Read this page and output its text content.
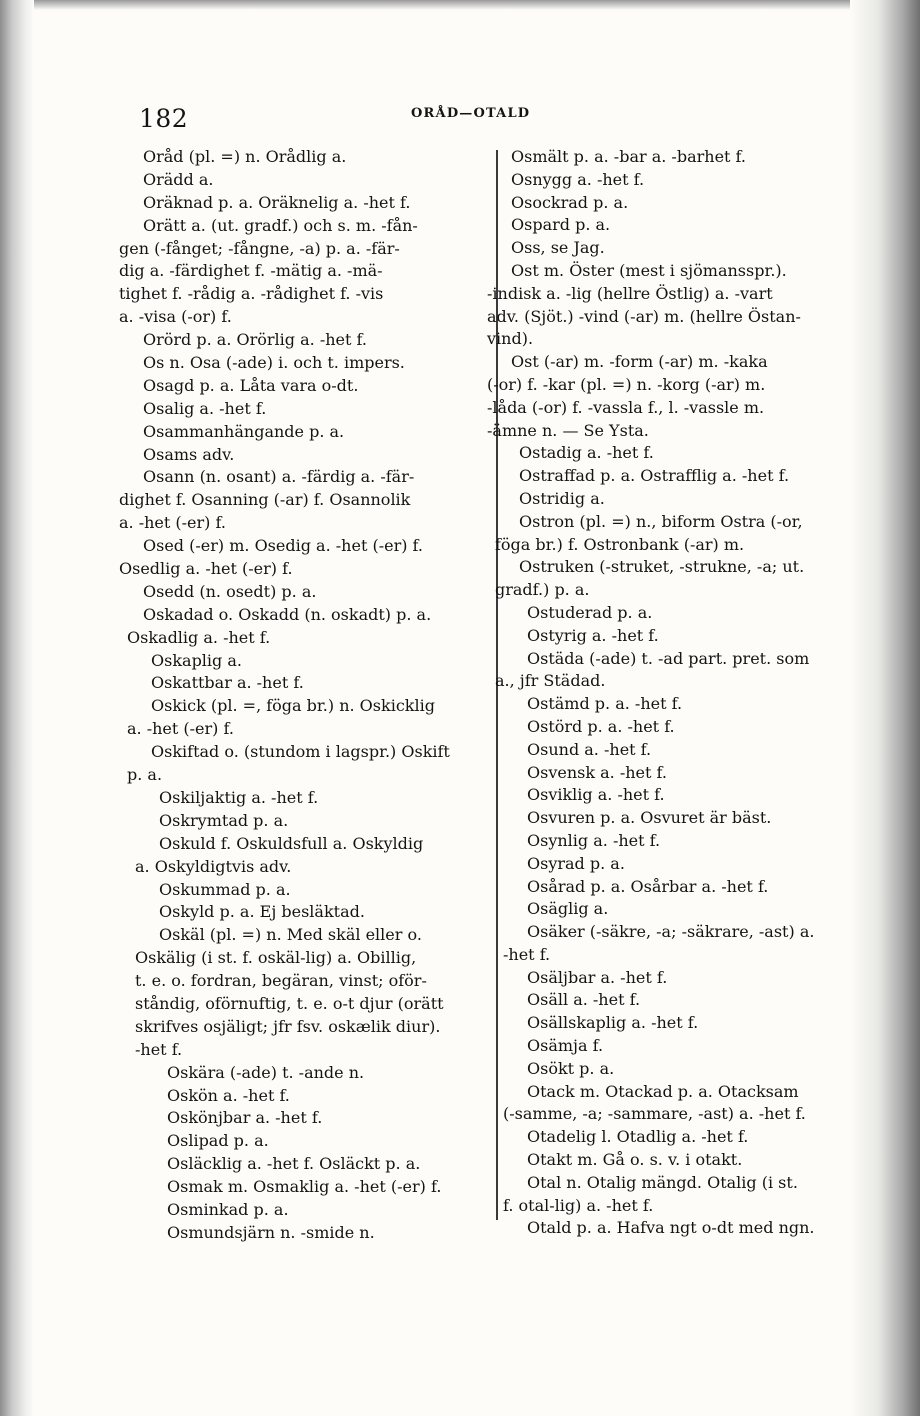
182	ORÅD—OTALD
Oråd (pl. =) n. Orådlig a.
Orädd a.
Oräknad p. a. Oräknelig a. -het f.
Orätt a. (ut. gradf.) och s. m. -fån-
gen (-fånget; -fångne, -a) p. a. -fär-
dig a. -färdighet f. -mätig a. -mä-
tighet f. -rådig a. -rådighet f. -vis
a. -visa (-or) f.
Orörd p. a. Orörlig a. -het f.
Os n. Osa (-ade) i. och t. impers.
Osagd p. a. Låta vara o-dt.
Osalig a. -het f.
Osammanhängande p. a.
Osams adv.
Osann (n. osant) a. -färdig a. -fär-
dighet f. Osanning (-ar) f. Osannolik
a. -het (-er) f.
Osed (-er) m. Osedig a. -het (-er) f.
Osedlig a. -het (-er) f.
Osedd (n. osedt) p. a.
Oskadad o. Oskadd (n. oskadt) p. a.
Oskadlig a. -het f.
Oskaplig a.
Oskattbar a. -het f.
Oskick (pl. =, föga br.) n. Oskicklig
a. -het (-er) f.
Oskiftad o. (stundom i lagspr.) Oskift
p. a.
Oskiljaktig a. -het f.
Oskrymtad p. a.
Oskuld f. Oskuldsfull a. Oskyldig
a. Oskyldigtvis adv.
Oskummad p. a.
Oskyld p. a. Ej besläktad.
Oskäl (pl. =) n. Med skäl eller o.
Oskälig (i st. f. oskäl-lig) a. Obillig,
t. e. o. fordran, begäran, vinst; oför-
ståndig, oförnuftig, t. e. o-t djur (orätt
skrifves osjäligt; jfr fsv. oskælik diur).
-het f.
Oskära (-ade) t. -ande n.
Oskön a. -het f.
Oskönjbar a. -het f.
Oslipad p. a.
Osläcklig a. -het f. Osläckt p. a.
Osmak m. Osmaklig a. -het (-er) f.
Osminkad p. a.
Osmundsjärn n. -smide n.
Osmält p. a. -bar a. -barhet f.
Osnygg a. -het f.
Osockrad p. a.
Ospard p. a.
Oss, se Jag.
Ost m. Öster (mest i sjömansspr.).
-indisk a. -lig (hellre Östlig) a. -vart
adv. (Sjöt.) -vind (-ar) m. (hellre Östan-
vind).
Ost (-ar) m. -form (-ar) m. -kaka
(-or) f. -kar (pl. =) n. -korg (-ar) m.
-låda (-or) f. -vassla f., l. -vassle m.
-ämne n. — Se Ysta.
Ostadig a. -het f.
Ostraffad p. a. Ostrafflig a. -het f.
Ostridig a.
Ostron (pl. =) n., biform Ostra (-or,
föga br.) f. Ostronbank (-ar) m.
Ostruken (-struket, -strukne, -a; ut.
gradf.) p. a.
Ostuderad p. a.
Ostyrig a. -het f.
Ostäda (-ade) t. -ad part. pret. som
a., jfr Städad.
Ostämd p. a. -het f.
Ostörd p. a. -het f.
Osund a. -het f.
Osvensk a. -het f.
Osviklig a. -het f.
Osvuren p. a. Osvuret är bäst.
Osynlig a. -het f.
Osyrad p. a.
Osårad p. a. Osårbar a. -het f.
Osäglig a.
Osäker (-säkre, -a; -säkrare, -ast) a.
-het f.
Osäljbar a. -het f.
Osäll a. -het f.
Osällskaplig a. -het f.
Osämja f.
Osökt p. a.
Otack m. Otackad p. a. Otacksam
(-samme, -a; -sammare, -ast) a. -het f.
Otadelig l. Otadlig a. -het f.
Otakt m. Gå o. s. v. i otakt.
Otal n. Otalig mängd. Otalig (i st.
f. otal-lig) a. -het f.
Otald p. a. Hafva ngt o-dt med ngn.
